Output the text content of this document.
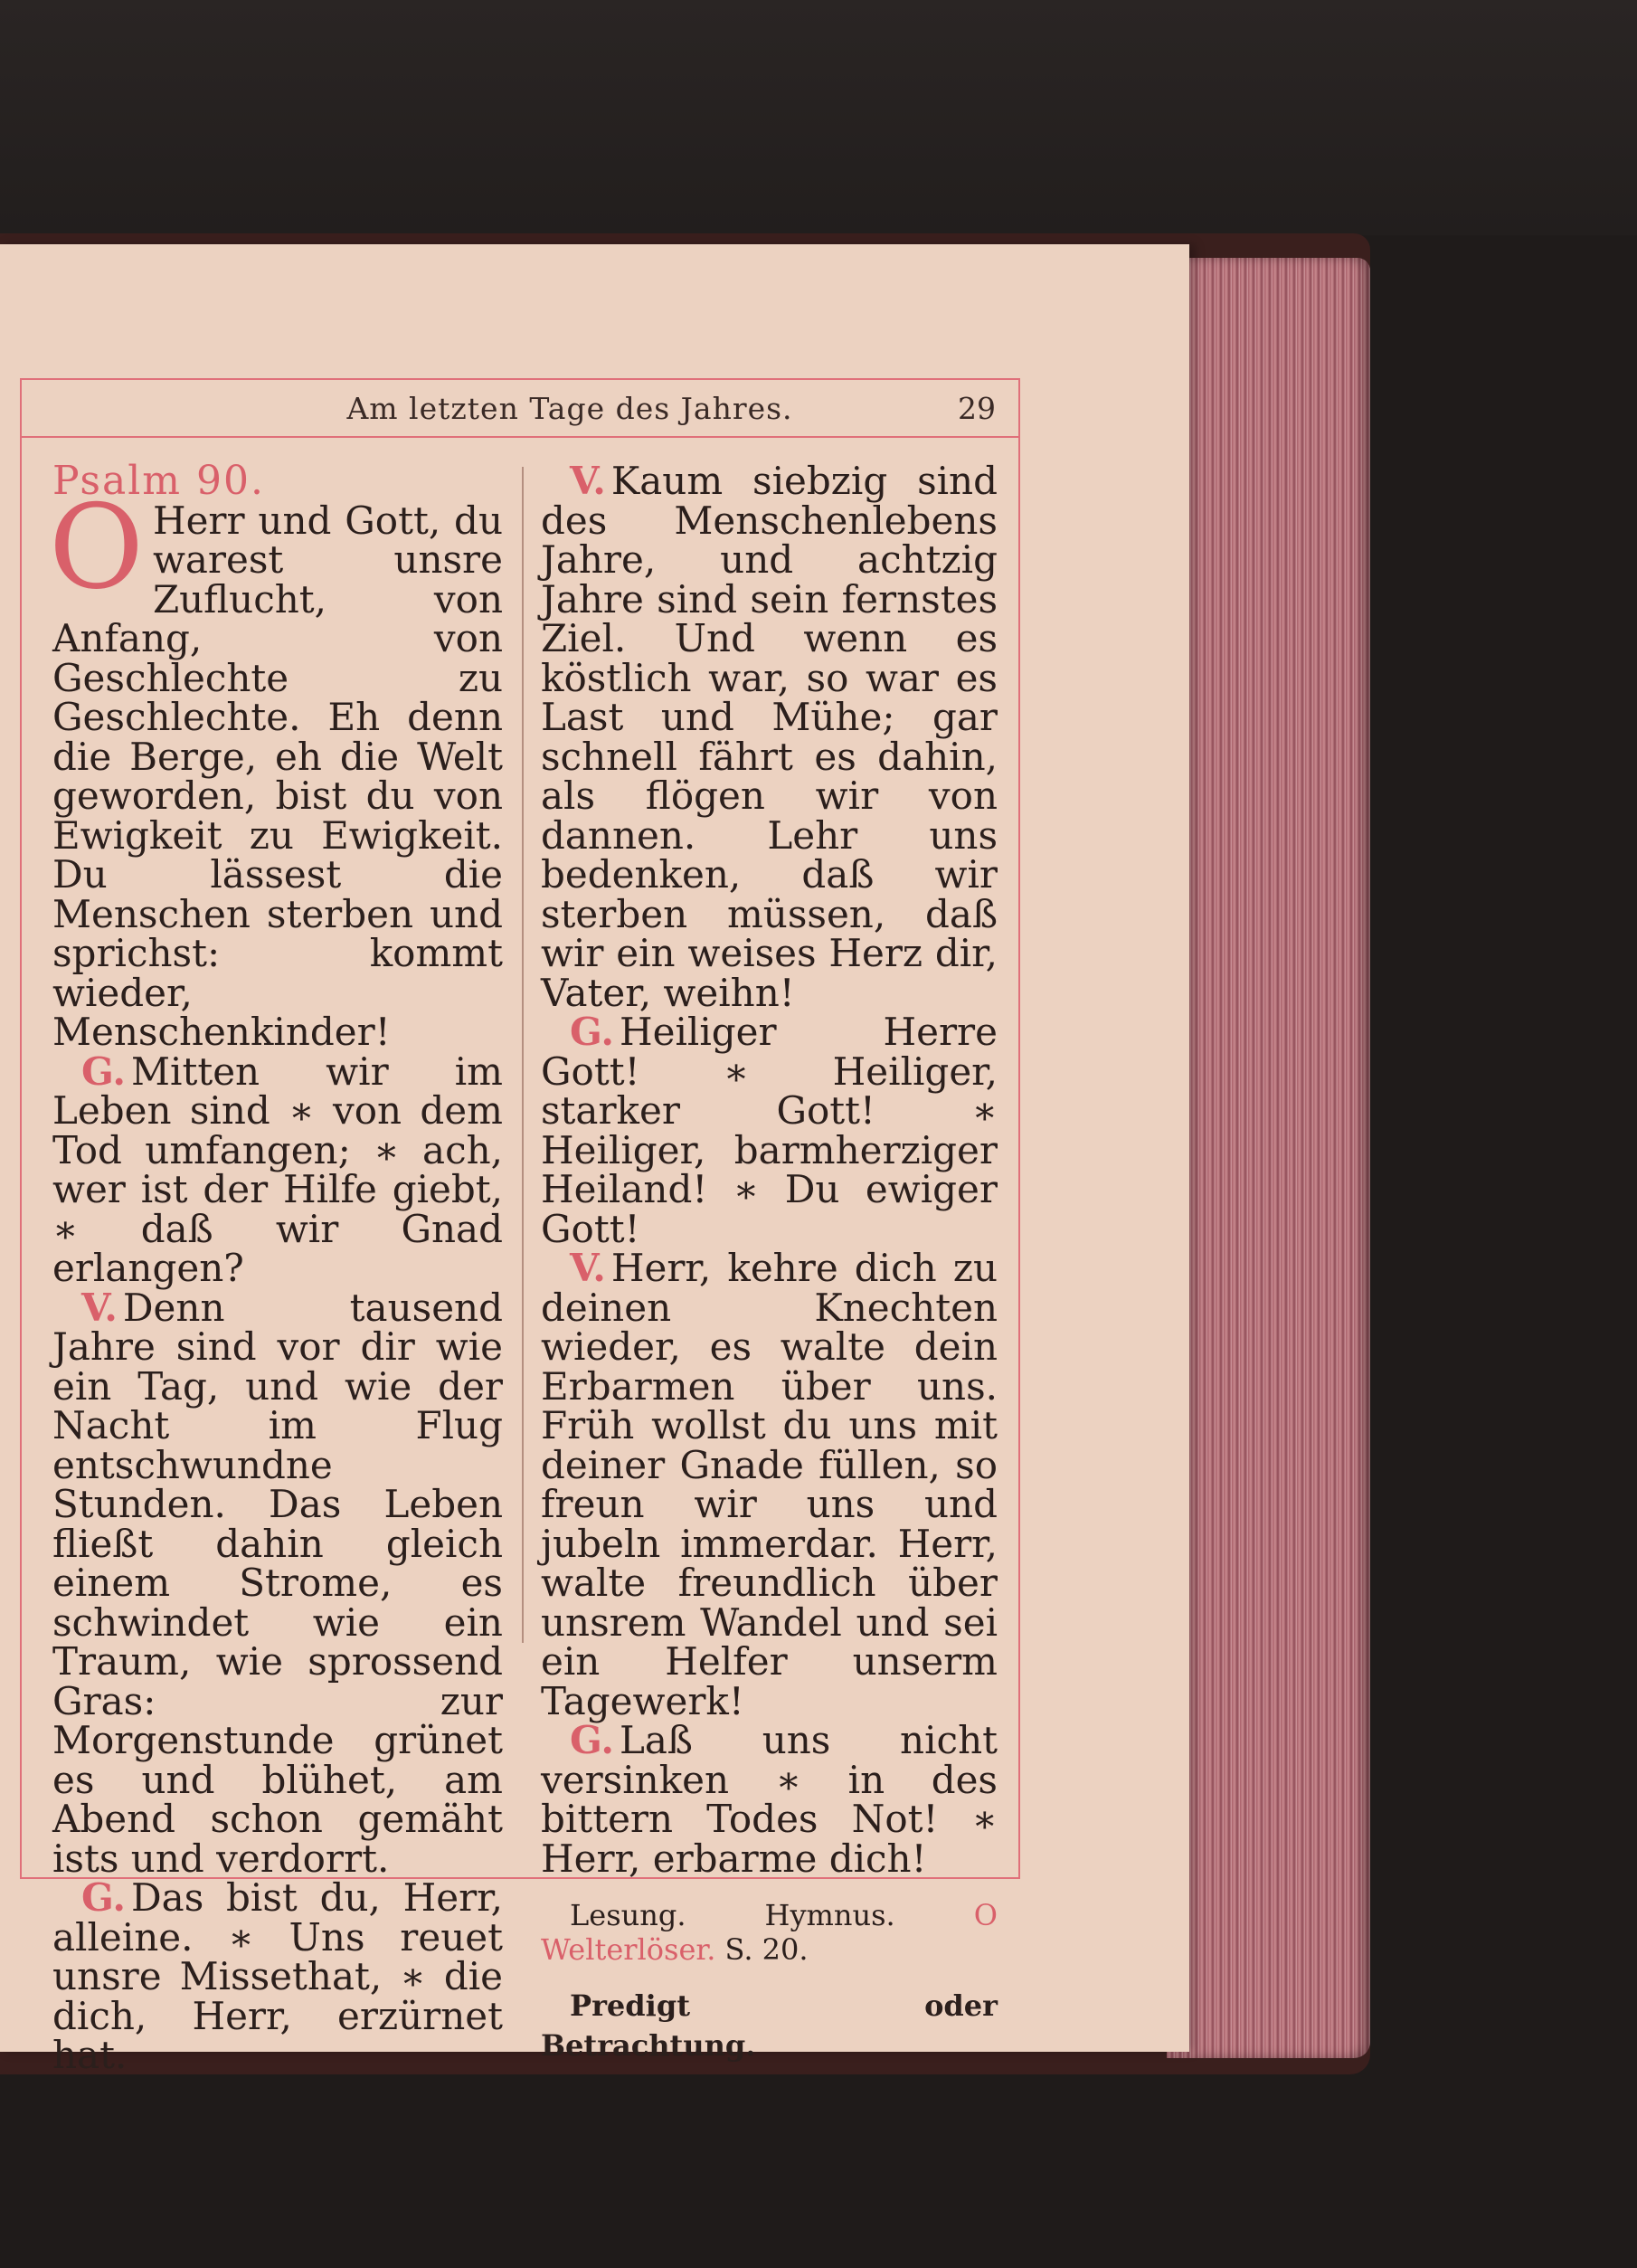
Am letzten Tage des Jahres.	29

Psalm 90.

O Herr und Gott, du warest unsre Zuflucht, von Anfang, von Geschlechte zu Geschlechte. Eh denn die Berge, eh die Welt geworden, bist du von Ewigkeit zu Ewigkeit. Du lässest die Menschen sterben und sprichst: kommt wieder, Menschenkinder!

G. Mitten wir im Leben sind ∗ von dem Tod umfangen; ∗ ach, wer ist der Hilfe giebt, ∗ daß wir Gnad erlangen?

V. Denn tausend Jahre sind vor dir wie ein Tag, und wie der Nacht im Flug entschwundne Stunden. Das Leben fließt dahin gleich einem Strome, es schwindet wie ein Traum, wie sprossend Gras: zur Morgenstunde grünet es und blühet, am Abend schon gemäht ists und verdorrt.

G. Das bist du, Herr, alleine. ∗ Uns reuet unsre Missethat, ∗ die dich, Herr, erzürnet hat.

V. Kaum siebzig sind des Menschenlebens Jahre, und achtzig Jahre sind sein fernstes Ziel. Und wenn es köstlich war, so war es Last und Mühe; gar schnell fährt es dahin, als flögen wir von dannen. Lehr uns bedenken, daß wir sterben müssen, daß wir ein weises Herz dir, Vater, weihn!

G. Heiliger Herre Gott! ∗ Heiliger, starker Gott! ∗ Heiliger, barmherziger Heiland! ∗ Du ewiger Gott!

V. Herr, kehre dich zu deinen Knechten wieder, es walte dein Erbarmen über uns. Früh wollst du uns mit deiner Gnade füllen, so freun wir uns und jubeln immerdar. Herr, walte freundlich über unsrem Wandel und sei ein Helfer unserm Tagewerk!

G. Laß uns nicht versinken ∗ in des bittern Todes Not! ∗ Herr, erbarme dich!

Lesung. Hymnus.	O Welterlöser. S. 20.

Predigt oder Betrachtung.
